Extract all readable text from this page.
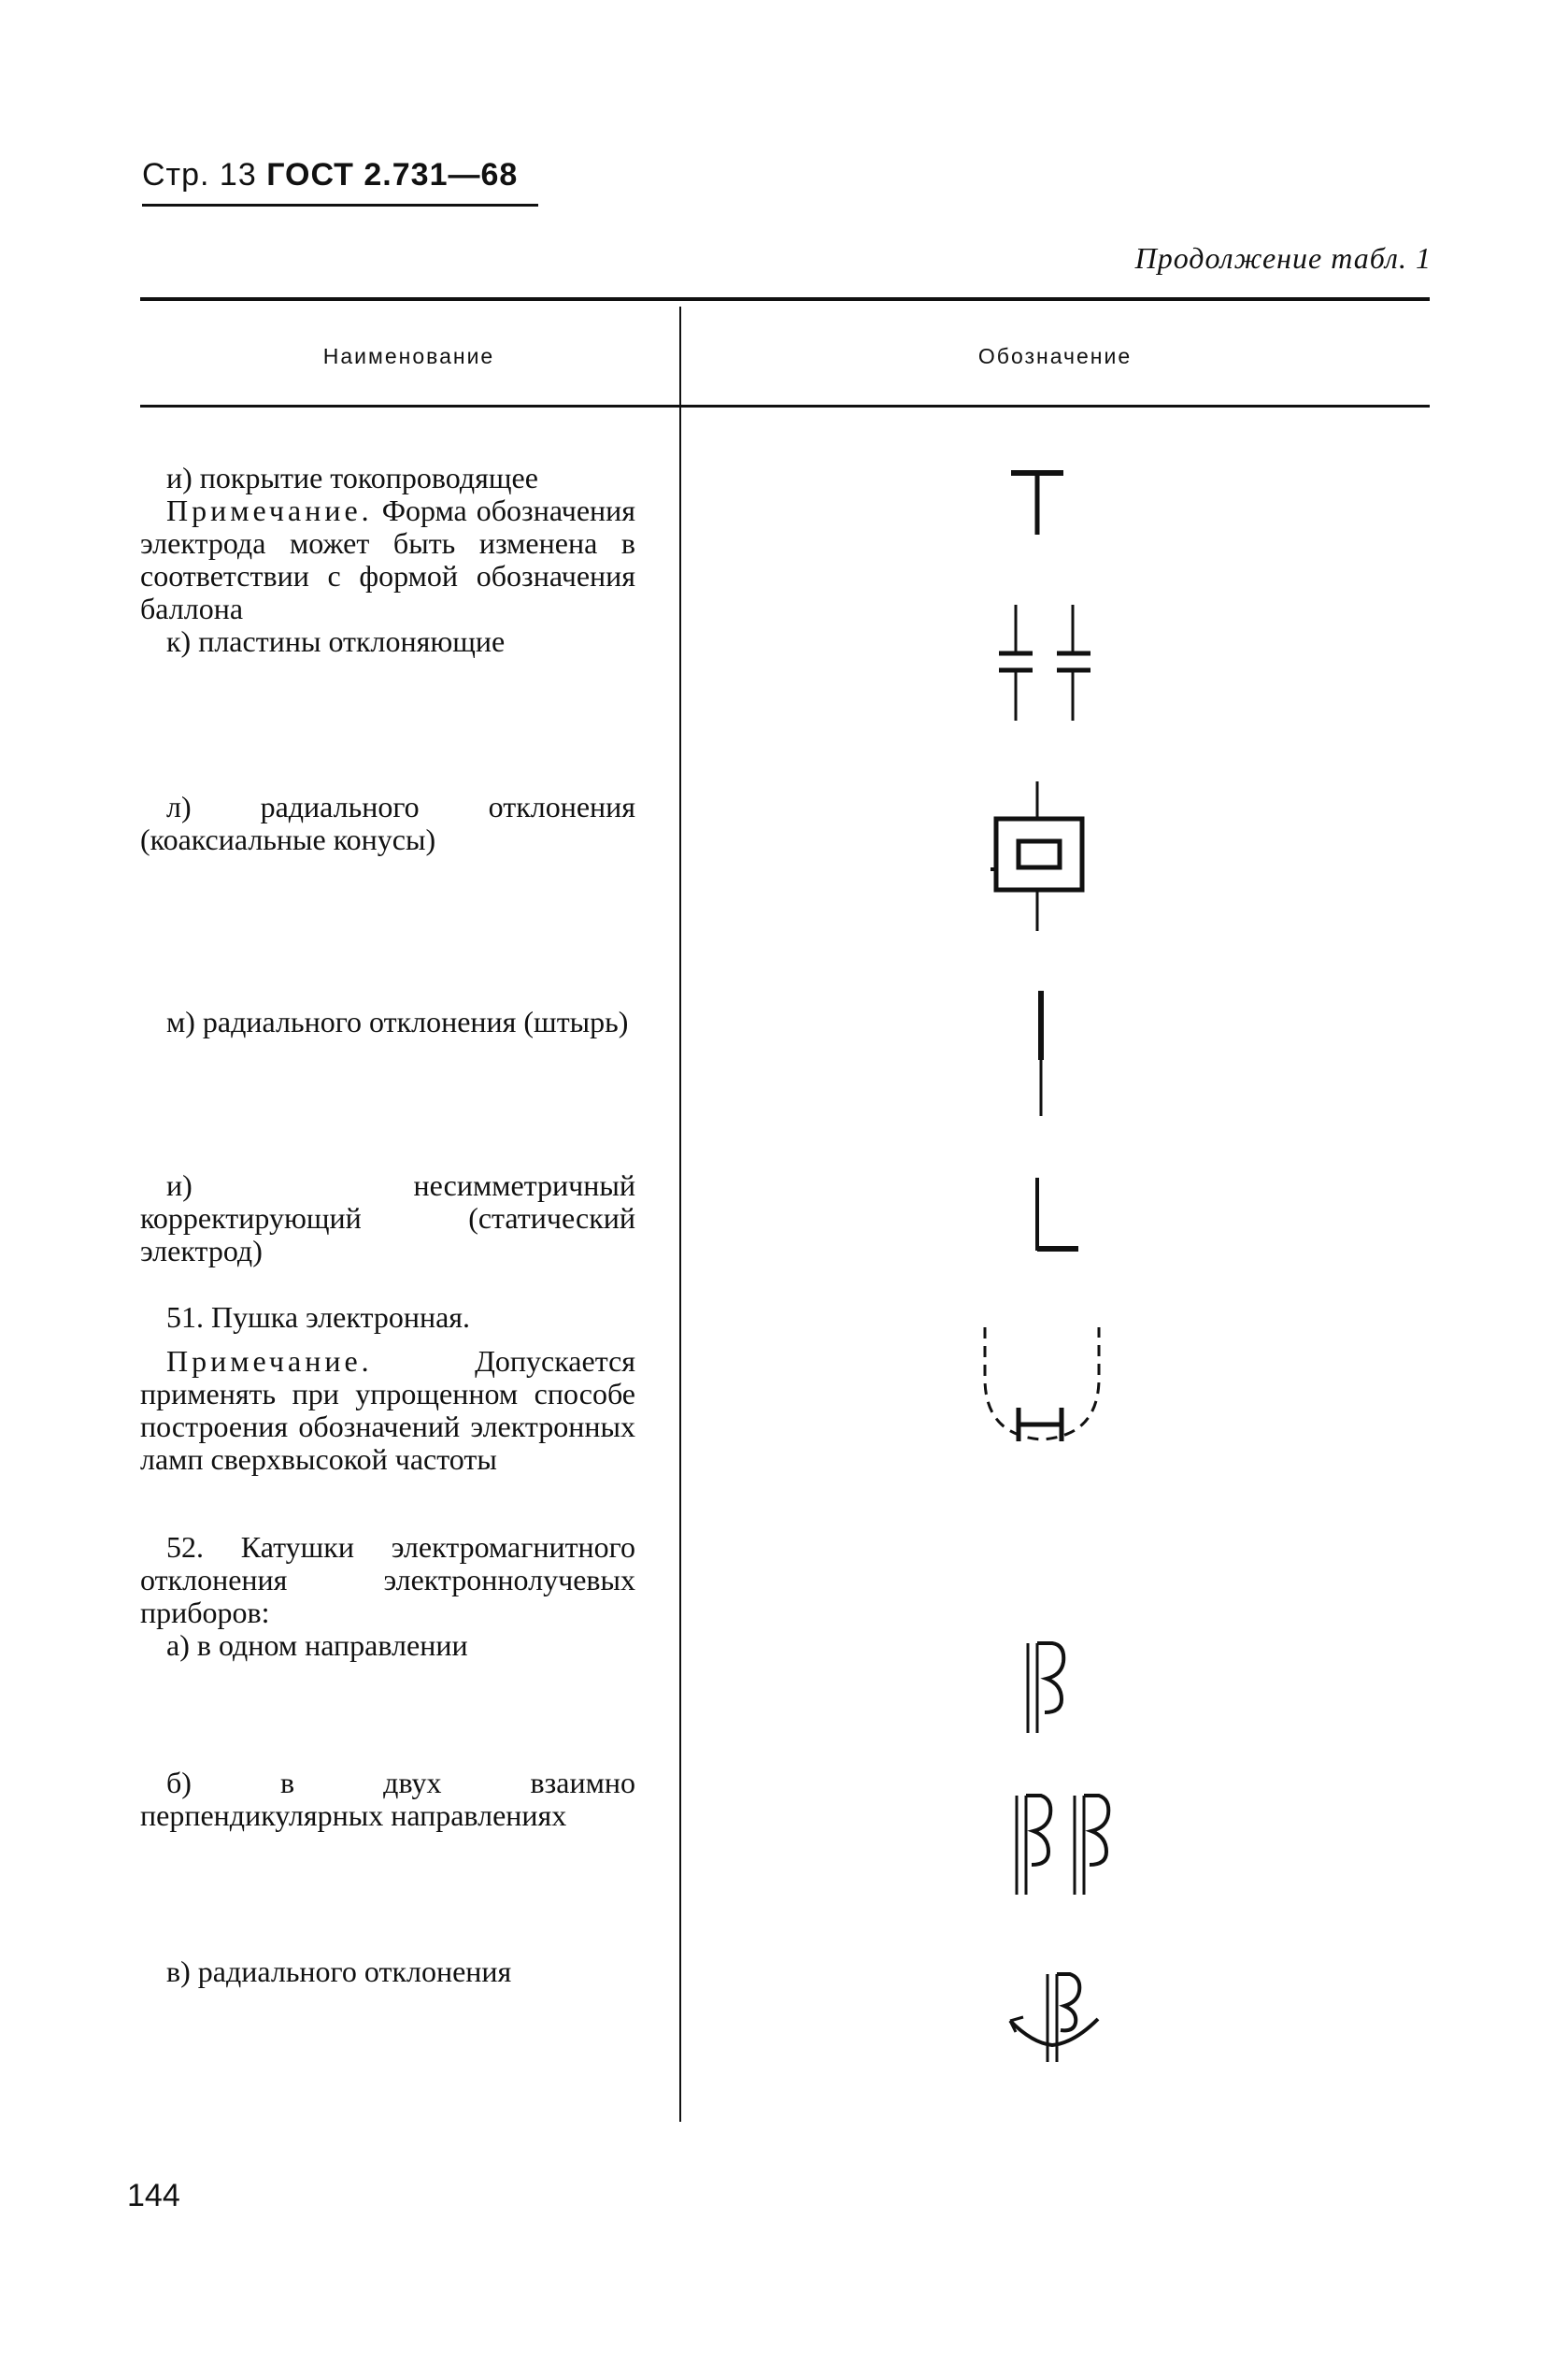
Стр. 13 ГОСТ 2.731—68
Продолжение табл. 1
Наименование	Обозначение

и) покрытие токопроводящее

Примечание. Форма обозначения электрода может быть изменена в соответствии с формой обозначения баллона

к) пластины отклоняющие

л) радиального отклонения (коаксиальные конусы)

м) радиального отклонения (штырь)

и) несимметричный корректирующий (статический электрод)

51. Пушка электронная.

Примечание. Допускается применять при упрощенном способе построения обозначений электронных ламп сверхвысокой частоты

52. Катушки электромагнитного отклонения электроннолучевых приборов:

а) в одном направлении

б) в двух взаимно перпендикулярных направлениях

в) радиального отклонения

144
